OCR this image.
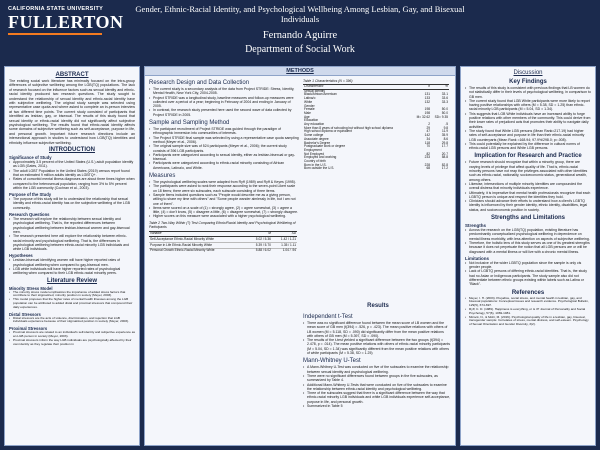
CALIFORNIA STATE UNIVERSITY
FULLERTON
Gender, Ethnic-Racial Identity, and Psychological Wellbeing Among Lesbian, Gay, and Bisexual Individuals
Fernando Aguirre
Department of Social Work
ABSTRACT
The existing social work literature has minimally focused on the intra-group differences of subjective wellbeing among the LGB(TQ) populations. The lack of research focused on the influence factors such as sexual identity and ethnic-racial identity produced two research questions. The study sought to understand the relationship of sexual identity and ethnic-racial identity have with subjective wellbeing. The original study sample was selected using representative case quota and where asked to complete an in-person interview at two different time points. The current study consisted of participants that identified as lesbian, gay, or bisexual. The results of this study found that sexual identity or ethnic-racial identity did not significantly affect subjective psychological wellbeing. The results found that ethnic-racial identity affects some domains of subjective wellbeing such as self-acceptance, purpose in life, and personal growth. Important future research directions include an intersectional approach in studies to understand how LGB(TQ) identities and ethnicity influence subjective wellbeing.
INTRODUCTION
Significance of Study
• Approximately 3.5 percent of the United States (U.S.) adult population identify as LGB (Gates, 2011).
• The adult LGBT Population in the United States (2019) census report found that an estimated 9 million adults identify as LGBTQ+.
• Rates of comorbid mental illness diagnoses are about three times higher when compared to the heterosexual population, ranging from 3% to 5% percent within the LGB community (Cochran et al., 2003).
Purpose of the Study
• The purpose of this study will be to understand the relationship that sexual identity and ethnic-racial identity has on the subjective wellbeing of the LGB community.
Research Questions
• The research will explore the relationship between sexual identity and psychological wellbeing. That is, the reported differences between psychological wellbeing between lesbian-bisexual women and gay-bisexual men.
• The research presented here will explore the relationship between ethnic-racial minority and psychological wellbeing. That is, the differences in psychological wellbeing between ethnic-racial minority LGB individuals and white LGB individuals.
Hypotheses
• Lesbian-bisexual identifying women will have higher reported rates of psychological wellbeing when compared to gay-bisexual men.
• LGB white individuals will have higher reported rates of psychological wellbeing when compared to their LGB ethnic-racial minority peers.
Literature Review
Minority Stress Model
• The minority stress model emphasizes the importance of added stress factors that contribute to their stigmatized, minority position in society (Meyer, 2003).
• This model proposes that the higher rates of mental health illnesses among the LGB population can be attributed to added distal and proximal stressors that compound their daily experiences.
Distal Stressors
• Distal stressors are the acts of violence, discrimination, and rejection that LGB individuals experience because of their stigmatized position in society (Meyer, 2003).
Proximal Stressors
• Proximal stressors are related to an individual's self-identity and subjective experience as an LGB person in society (Meyer, 2003).
• Proximal stressors inform the way LGB individuals are psychologically affected by their own identity as they regulate their position in
METHODS
Research Design and Data Collection
• The current study is a secondary analysis of the data from Project STRIDE: Stress, Identity, Mental Health, New York City, 2004-2005.
• Project STRIDE was a longitudinal study, baseline measures and follow-up measures were collected over a period of a year; beginning in February of 2004 and ending in January of 2005.
• In contrast, the research study presented here used the second wave of data collected by Project STRIDE in 2005.
Sample and Sampling Method
• The participant recruitment of Project STRIDE was guided through the paradigm of ethnographic immersion into communities of interests.
• The Project STRIDE final sample was selected by using a representative case quota sampling method (Meyer et al., 2006).
• The original sample size was of 524 participants (Meyer et al., 2006); the current study consists of 396 LGB participants.
• Participants were categorized according to sexual identity, either as lesbian-bisexual or gay-bisexual.
• Participants were categorized according to ethnic-racial minority consisting of African Americans, Latina/o, and White.
Measures
• The psychological wellbeing scales were adapted from Ryff (1989) and Ryff & Keyes (1995).
• The participants were asked to rank their response according to the seven-point Likert scale on 18 items; there were six subscales, each subscale consisting of three items.
• Sample items included questions such as "People would describe me as a giving person, willing to share my time with others" and "Some people wander aimlessly in life, but I am not one of them".
• Items were scored on a scale of (1) = strongly agree, (2) = agree somewhat, (3) = agree a little, (4) = don't know, (5) = disagree a little, (6) = disagree somewhat, (7) = strongly disagree.
• Higher scores on this measure were associated with a higher psychological wellbeing.
Table 2 Two-Way Within (?) Test Comparing Ethnic/Racial Identity and Psychological Wellbeing of Participants
Variable	M	SD
Self-Acceptance Ethnic-Racial Minority White	5.02 / 5.36	1.42 / 1.21
Purpose in Life Ethnic-Racial Minority White	5.39 / 5.70	1.35 / 1.11
Personal Growth Ethnic-Racial Minority White	5.88 / 6.02	1.04 / .94
Table 1 Characteristics (N = 396)
Characteristic	n	%
Sexual Identity		
Black/African American	131	33.1
Latina/o	133	33.6
White	132	33.3
Gender		
Female	198	50.0
Male	198	50.0
Age	M= 32.62	SD= 9.35
Education		
Any education	2	.5
More than 8 years of schooling but without high school diploma	29	9.8
High school diploma or equivalent	47	11.9
Some college	142	35.9
Associate degree	34	8.6
Bachelor's Degree	118	29.8
Postgraduate work or degree	70	17.7
Employment		
Not Employed	82	20.7
Employed and working	233	58.8
Country of birth		
Born in the U.S.	228	82.8
Born outside the U.S.	68	17.2
Results
Independent t-Test
• There was no significant difference found between the mean score of LB women and the mean score of GB men (t(394) = .526, p = .423). The mean positive relations with others of LB women (M = 5.118, SD = .090) did significantly differ from the mean positive relations with others of GB men (M = 5.397, SD = .090).
• The results of the t-test yielded a significant difference between the two groups (t(394) = 2.478, p = .014). The mean positive relations with others of ethnic-racial minority participants (M = 5.04, SD = 1.34) was significantly different from the mean positive relations with others of white participants (M = 5.38, SD = 1.25)
Mann-Whitney U-Test
• A Mann-Whitney U-Test was conducted on five of the subscales to examine the relationship between sexual identity and psychological wellbeing.
• There were no significant differences found between groups in the five subscales, as summarized by Table 4.
• Additional Mann-Whitney U-Tests that were conducted on five of the subscales to examine the relationship between ethnic-racial identity and psychological wellbeing.
• Three of the subscales suggest that there is a significant difference between the way that ethnic-racial minority LGB individuals and white LGB individuals experience self-acceptance, purpose in life, and personal growth.
• Summarized in Table 5
Discussion
Key Findings
• The results of this study is consistent with previous findings that LB women do not statistically differ in their levels of psychological wellbeing, in comparison to GB men.
• The current study found that LGB White participants were more likely to report having positive relationships with others (M = 5.38, SD = 1.25) than ethnic-racial minority LGB participants (M = 5.04, SD = 1.34).
• This suggests that LGB White individuals have an increased ability to forge positive relations with other members of the community. This could derive from their lower rates of prejudiced acts that promotes their ability to navigate daily activities.
• The study found that White LGB persons (Mean Rank=217.19) had higher rates of self-acceptance and purpose in life than their ethnic-racial minority LGB counterparts (Mean Rank =168.94; 97.9%/298.0; p=.008).
• This could potentially be explained by the difference in cultural norms of ethnic-racial LGB persons and White LGB persons.
Implication for Research and Practice
• Future research should recognize that within a minority group, there are varying levels of privilege that affect quality of life. That is, ethnic-racial minority persons have not reap the privileges associated with other identities such as ethnic-racial, nationality, socioeconomic status, generational wealth, among others.
• Likewise, intersections of multiple minority identities are compounded the overall distress that minority individuals experience.
• Ultimately, it is imperative that mental health professionals recognize that each LGBTQ person is unique and respect the identities they hold.
• Clinicians should advance their efforts to understand how a client's LGBTQ identity is influenced by their gender identity, ethnic identity, disabilities, legal status, and socioeconomic position in society.
Strengths and Limitations
Strengths
• Across the research on the LGB(TQ) population, existing literature has predominantly conceptualized psychological wellbeing in dependence on mental illness morbidity, with less attention on aspects of subjective wellbeing.
• Therefore, the holistic lens of this study serves as one of its greatest strengths because it does not perpetuate the notion that all LGB persons are or will be diagnosed with a mental illness or will live with a chronic mental illness.
Limitations
• Not inclusive of the wider LGBTQ population since the sample is only cis gender people.
• Lack of LGBTQ persons of differing ethnic-racial identities. That is, the study had no Asian or Indigenous participants. The study sample also did not differentiate between ethnic groups existing within labels such as Latina or "Black".
References
• Meyer, I. H. (2003). Prejudice, social stress, and mental health in lesbian, gay, and bisexual populations: Conceptual issues and research evidence. Psychological Bulletin, 129(5), 674-697.
• Ryff, C. D. (1989). Happiness is everything, or is it? Journal of Personality and Social Psychology, 57(6), 1069-1081.
• Mizock, N., & Mohr, M. (2016). Psychological quality of life in a lesbian, gay, bisexual, transgender sample: Correlates of stress, mental distress, and self-esteem. Psychology of Sexual Orientation and Gender Diversity, 3(2).
